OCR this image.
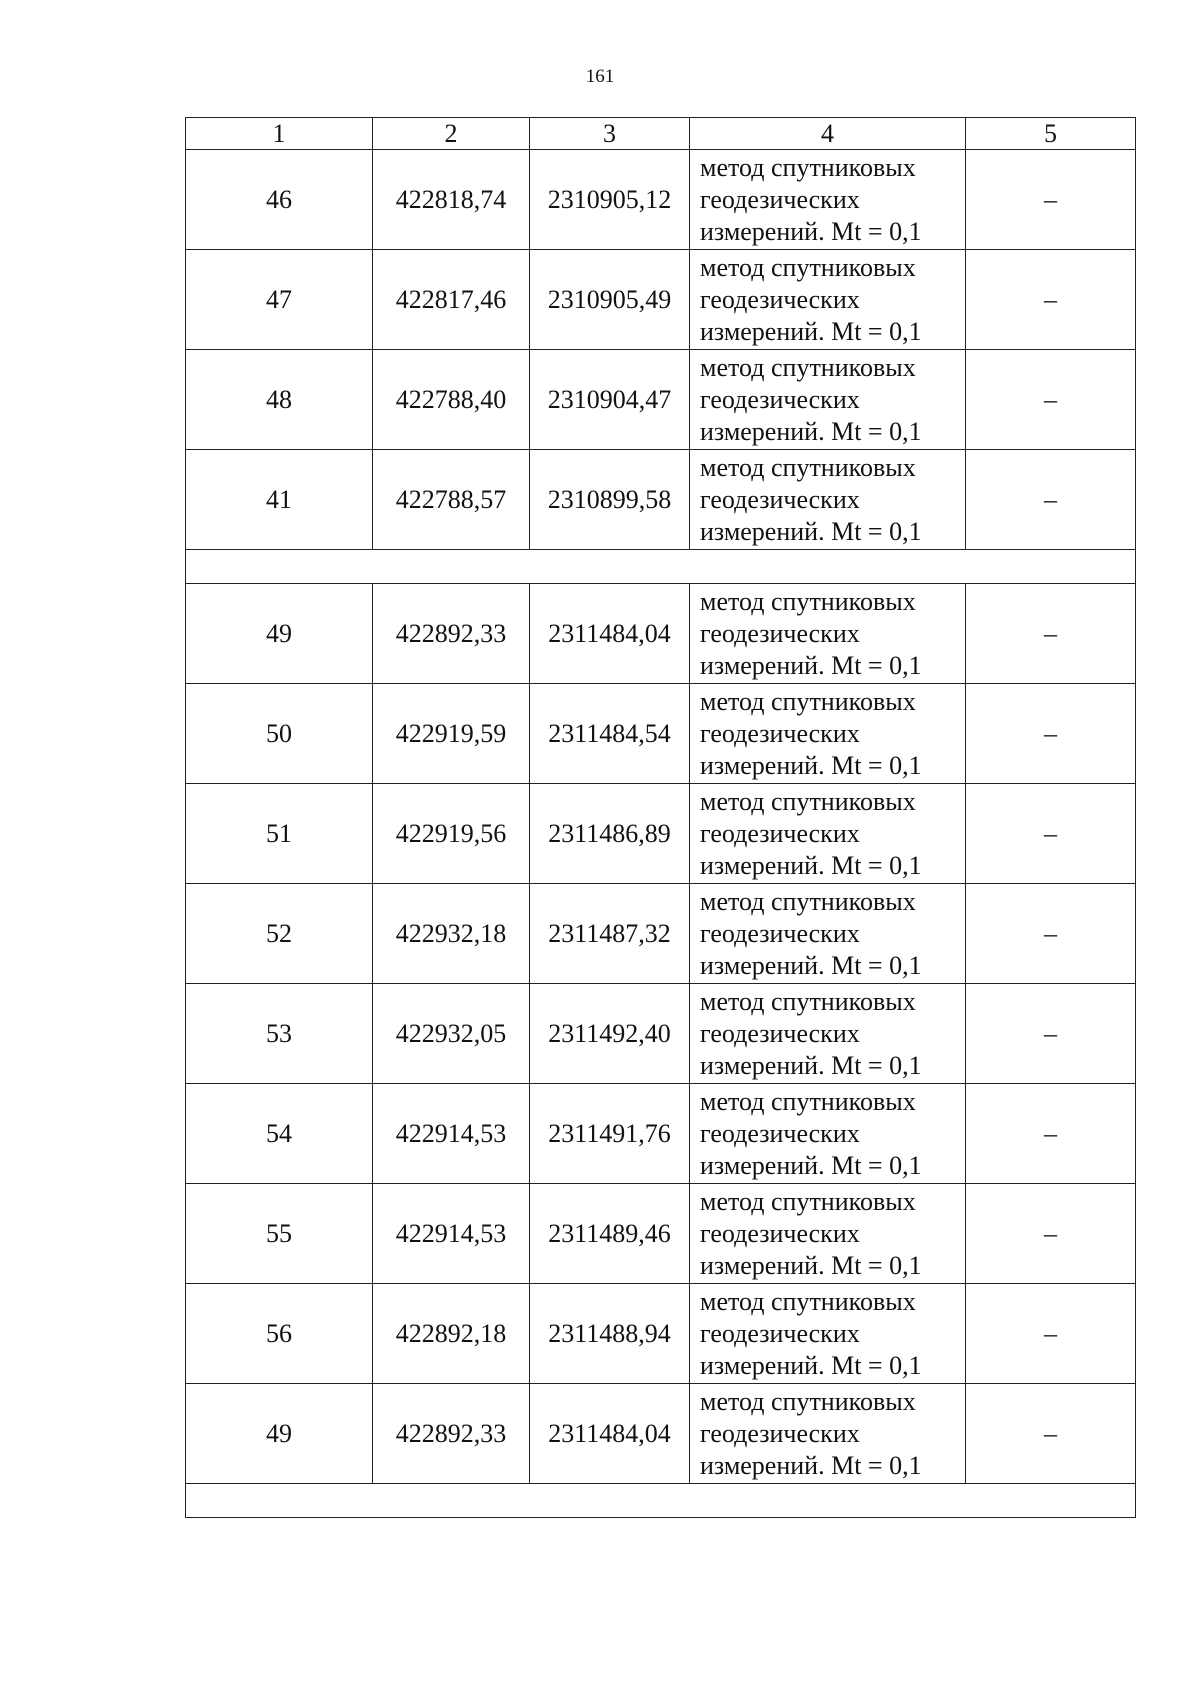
161
1	2	3	4	5
46	422818,74	2310905,12	метод спутниковых
геодезических
измерений. Mt = 0,1	–
47	422817,46	2310905,49	метод спутниковых
геодезических
измерений. Mt = 0,1	–
48	422788,40	2310904,47	метод спутниковых
геодезических
измерений. Mt = 0,1	–
41	422788,57	2310899,58	метод спутниковых
геодезических
измерений. Mt = 0,1	–

49	422892,33	2311484,04	метод спутниковых
геодезических
измерений. Mt = 0,1	–
50	422919,59	2311484,54	метод спутниковых
геодезических
измерений. Mt = 0,1	–
51	422919,56	2311486,89	метод спутниковых
геодезических
измерений. Mt = 0,1	–
52	422932,18	2311487,32	метод спутниковых
геодезических
измерений. Mt = 0,1	–
53	422932,05	2311492,40	метод спутниковых
геодезических
измерений. Mt = 0,1	–
54	422914,53	2311491,76	метод спутниковых
геодезических
измерений. Mt = 0,1	–
55	422914,53	2311489,46	метод спутниковых
геодезических
измерений. Mt = 0,1	–
56	422892,18	2311488,94	метод спутниковых
геодезических
измерений. Mt = 0,1	–
49	422892,33	2311484,04	метод спутниковых
геодезических
измерений. Mt = 0,1	–
